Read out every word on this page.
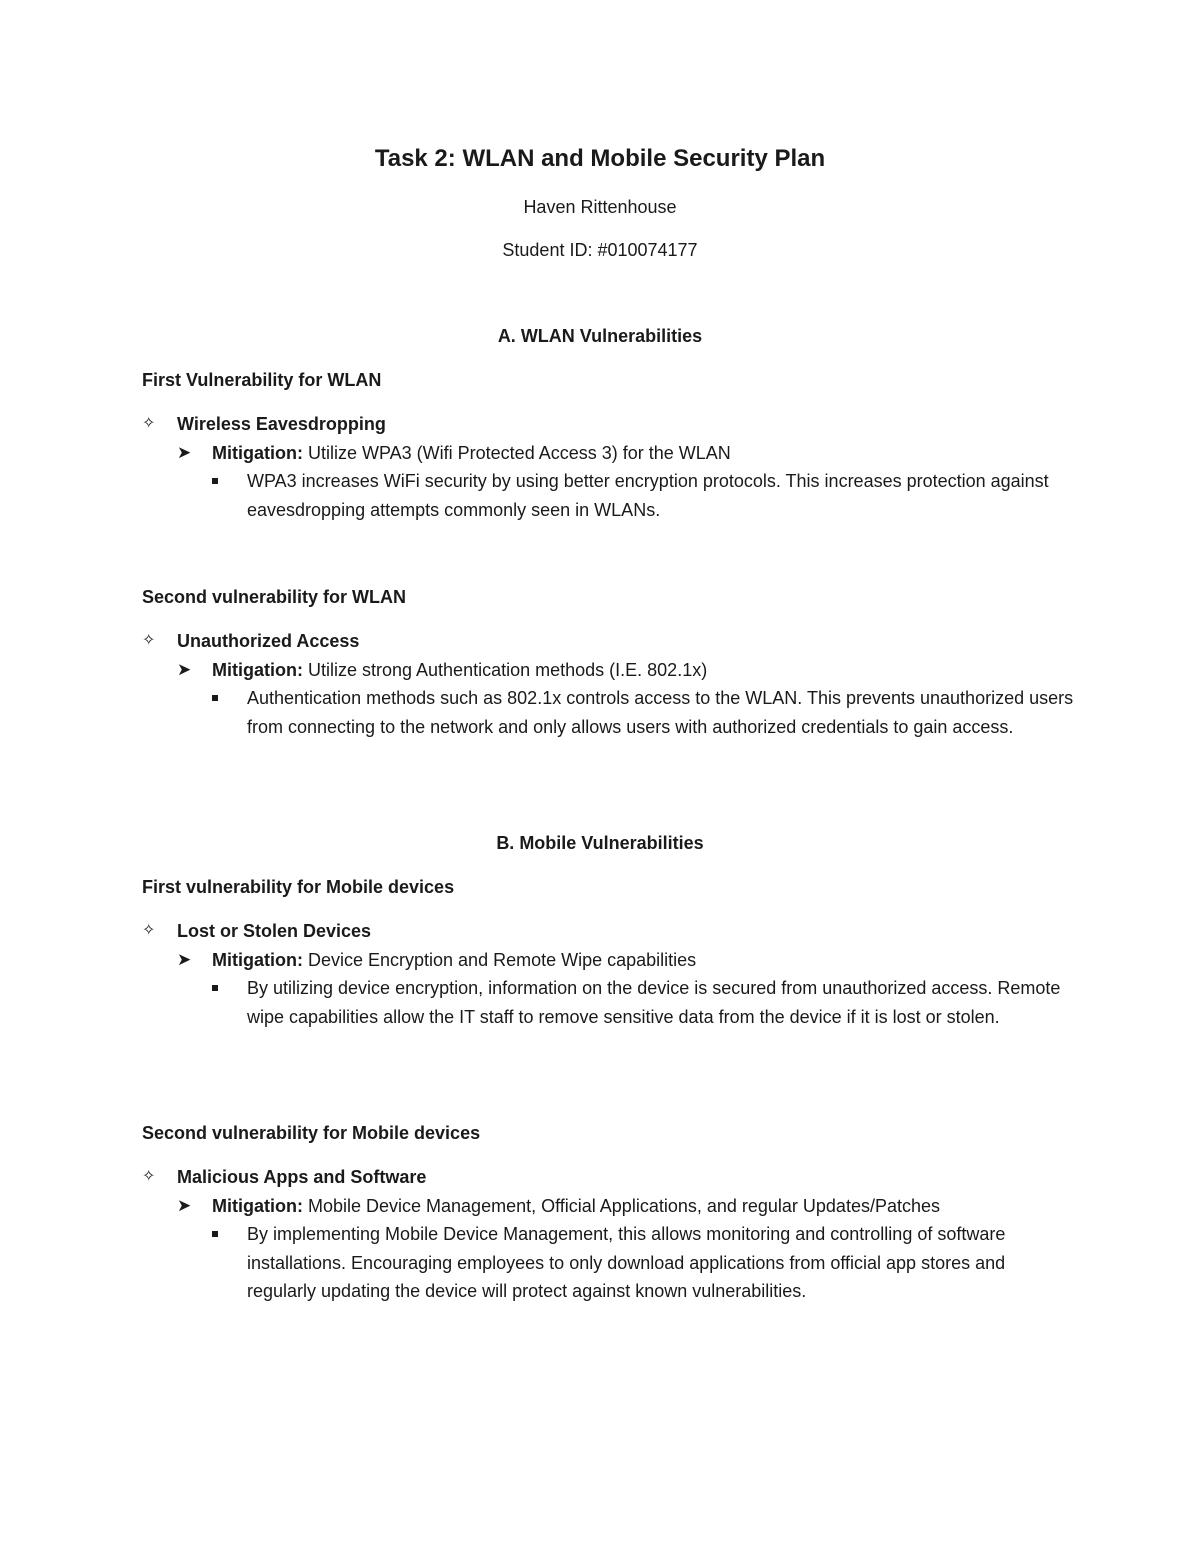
Task 2: WLAN and Mobile Security Plan
Haven Rittenhouse
Student ID: #010074177
A. WLAN Vulnerabilities
First Vulnerability for WLAN
✧	Wireless Eavesdropping
➤	Mitigation: Utilize WPA3 (Wifi Protected Access 3) for the WLAN
WPA3 increases WiFi security by using better encryption protocols. This increases protection against eavesdropping attempts commonly seen in WLANs.
Second vulnerability for WLAN
✧	Unauthorized Access
➤	Mitigation: Utilize strong Authentication methods (I.E. 802.1x)
Authentication methods such as 802.1x controls access to the WLAN. This prevents unauthorized users from connecting to the network and only allows users with authorized credentials to gain access.
B. Mobile Vulnerabilities
First vulnerability for Mobile devices
✧	Lost or Stolen Devices
➤	Mitigation: Device Encryption and Remote Wipe capabilities
By utilizing device encryption, information on the device is secured from unauthorized access. Remote wipe capabilities allow the IT staff to remove sensitive data from the device if it is lost or stolen.
Second vulnerability for Mobile devices
✧	Malicious Apps and Software
➤	Mitigation: Mobile Device Management, Official Applications, and regular Updates/Patches
By implementing Mobile Device Management, this allows monitoring and controlling of software installations. Encouraging employees to only download applications from official app stores and regularly updating the device will protect against known vulnerabilities.
